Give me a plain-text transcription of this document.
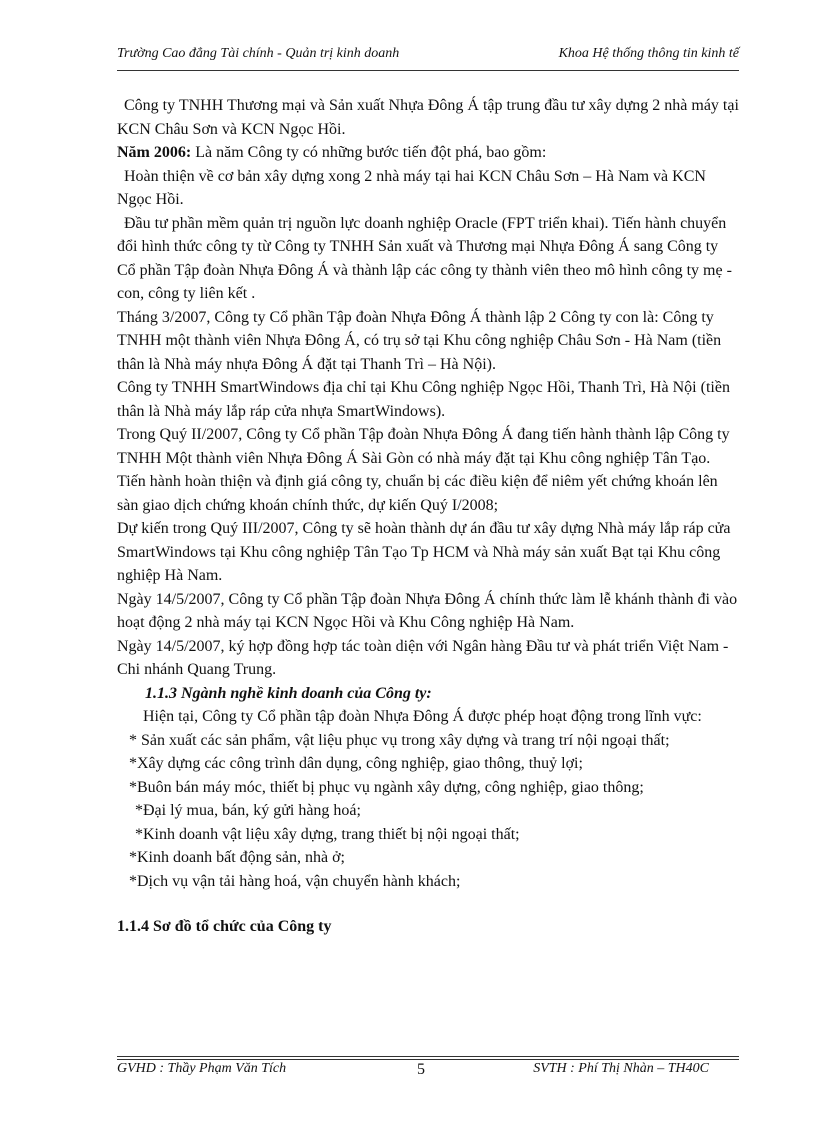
Trường Cao đẳng Tài chính - Quản trị kinh doanh	Khoa Hệ thống thông tin kinh tế

Công ty TNHH Thương mại và Sản xuất Nhựa Đông Á tập trung đầu tư xây dựng 2 nhà máy tại KCN Châu Sơn và KCN Ngọc Hồi.

Năm 2006: Là năm Công ty có những bước tiến đột phá, bao gồm:

Hoàn thiện về cơ bản xây dựng xong 2 nhà máy tại hai KCN Châu Sơn – Hà Nam và KCN Ngọc Hồi.

Đầu tư phần mềm quản trị nguồn lực doanh nghiệp Oracle (FPT triển khai). Tiến hành chuyển đổi hình thức công ty từ Công ty TNHH Sản xuất và Thương mại Nhựa Đông Á sang Công ty Cổ phần Tập đoàn Nhựa Đông Á và thành lập các công ty thành viên theo mô hình công ty mẹ - con, công ty liên kết .

Tháng 3/2007, Công ty Cổ phần Tập đoàn Nhựa Đông Á thành lập 2 Công ty con là: Công ty TNHH một thành viên Nhựa Đông Á, có trụ sở tại Khu công nghiệp Châu Sơn - Hà Nam (tiền thân là Nhà máy nhựa Đông Á đặt tại Thanh Trì – Hà Nội).

Công ty TNHH SmartWindows địa chỉ tại Khu Công nghiệp Ngọc Hồi, Thanh Trì, Hà Nội (tiền thân là Nhà máy lắp ráp cửa nhựa SmartWindows).

Trong Quý II/2007, Công ty Cổ phần Tập đoàn Nhựa Đông Á đang tiến hành thành lập Công ty TNHH Một thành viên Nhựa Đông Á Sài Gòn có nhà máy đặt tại Khu công nghiệp Tân Tạo.

Tiến hành hoàn thiện và định giá công ty, chuẩn bị các điều kiện để niêm yết chứng khoán lên sàn giao dịch chứng khoán chính thức, dự kiến Quý I/2008;

Dự kiến trong Quý III/2007, Công ty sẽ hoàn thành dự án đầu tư xây dựng Nhà máy lắp ráp cửa SmartWindows tại Khu công nghiệp Tân Tạo Tp HCM và Nhà máy sản xuất Bạt tại Khu công nghiệp Hà Nam.

Ngày 14/5/2007, Công ty Cổ phần Tập đoàn Nhựa Đông Á chính thức làm lễ khánh thành đi vào hoạt động 2 nhà máy tại KCN Ngọc Hồi và Khu Công nghiệp Hà Nam.

Ngày 14/5/2007, ký hợp đồng hợp tác toàn diện với Ngân hàng Đầu tư và phát triển Việt Nam - Chi nhánh Quang Trung.

1.1.3 Ngành nghề kinh doanh của Công ty:

Hiện tại, Công ty Cổ phần tập đoàn Nhựa Đông Á được phép hoạt động trong lĩnh vực:

* Sản xuất các sản phẩm, vật liệu phục vụ trong xây dựng và trang trí nội ngoại thất;

*Xây dựng các công trình dân dụng, công nghiệp, giao thông, thuỷ lợi;

*Buôn bán máy móc, thiết bị phục vụ ngành xây dựng, công nghiệp, giao thông;

*Đại lý mua, bán, ký gửi hàng hoá;

*Kinh doanh vật liệu xây dựng, trang thiết bị nội ngoại thất;

*Kinh doanh bất động sản, nhà ở;

*Dịch vụ vận tải hàng hoá, vận chuyển hành khách;

1.1.4 Sơ đồ tổ chức của Công ty

GVHD : Thầy Phạm Văn Tích	5	SVTH : Phí Thị Nhàn – TH40C
